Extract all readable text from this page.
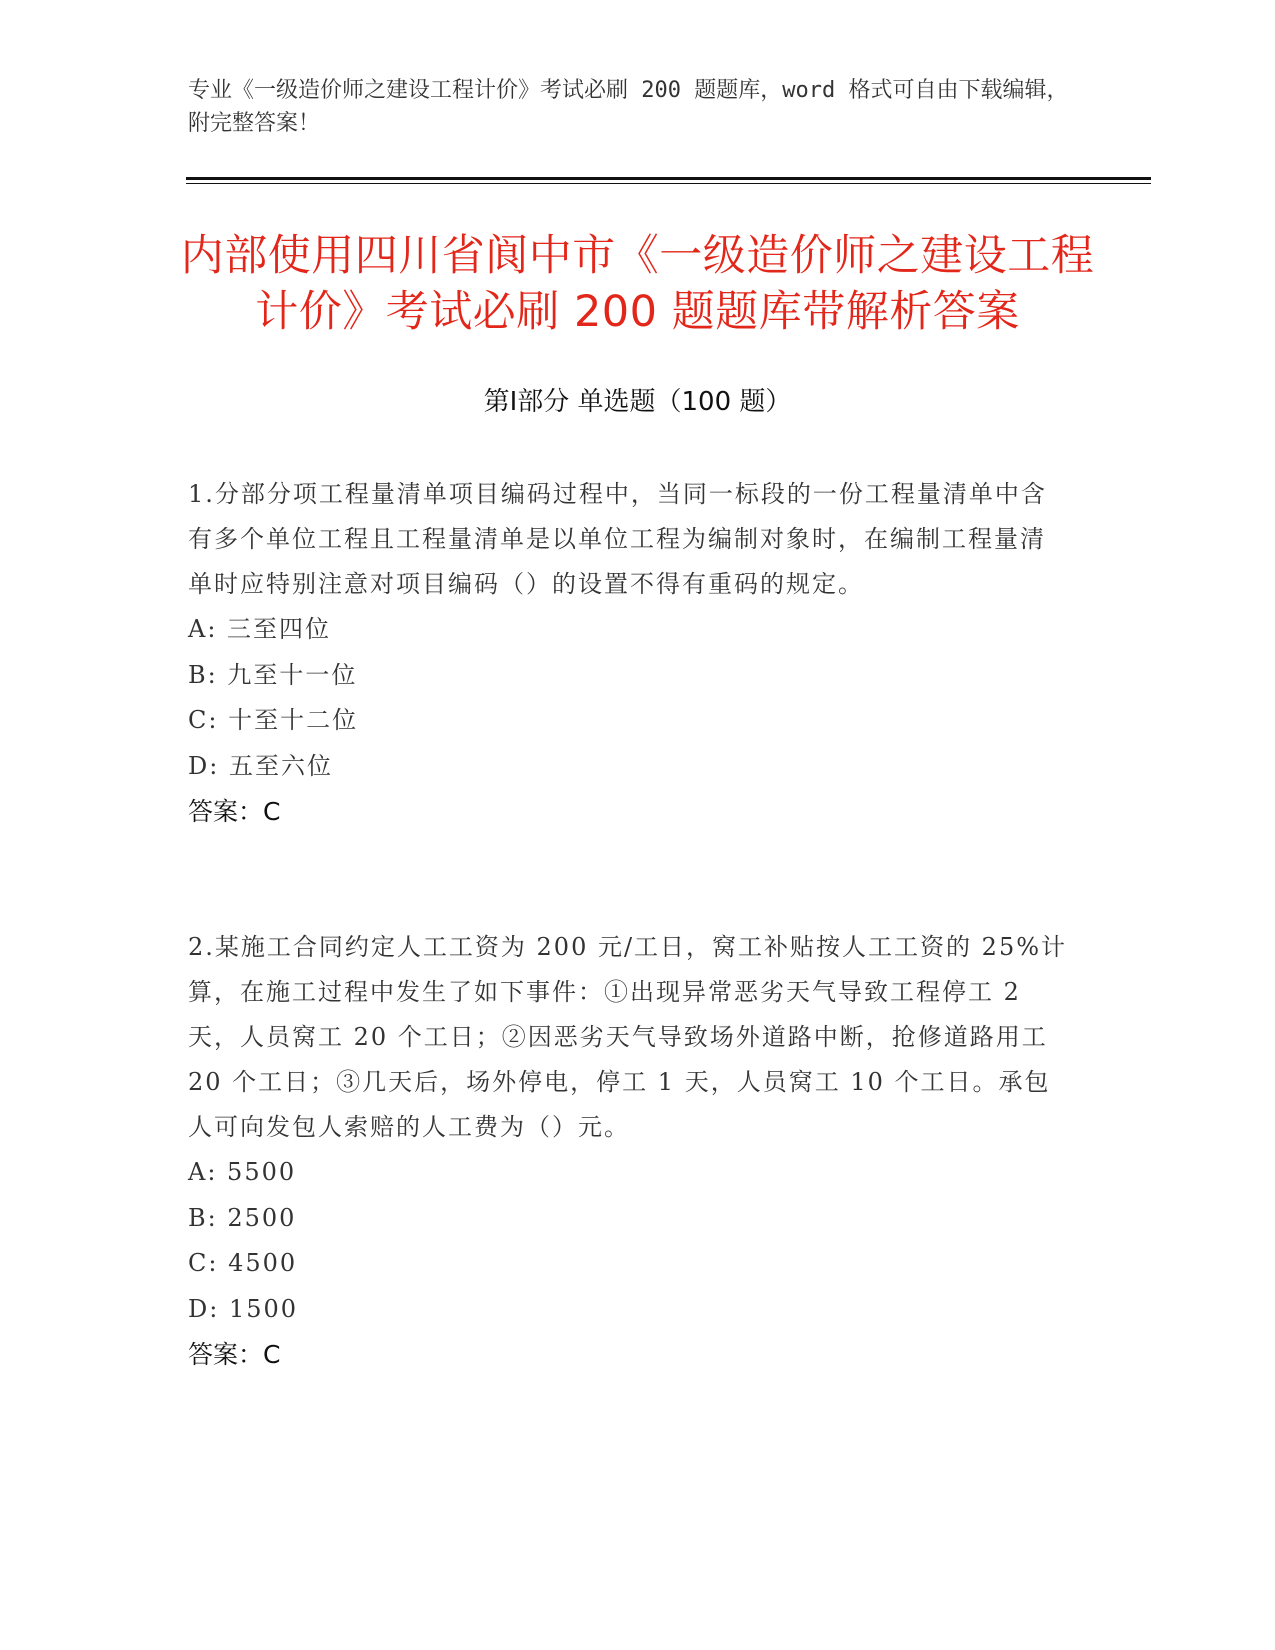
专业《一级造价师之建设工程计价》考试必刷 200 题题库，word 格式可自由下载编辑，附完整答案！
内部使用四川省阆中市《一级造价师之建设工程计价》考试必刷 200 题题库带解析答案
第Ⅰ部分 单选题（100 题）
1.分部分项工程量清单项目编码过程中，当同一标段的一份工程量清单中含有多个单位工程且工程量清单是以单位工程为编制对象时，在编制工程量清单时应特别注意对项目编码（）的设置不得有重码的规定。
A: 三至四位
B: 九至十一位
C: 十至十二位
D: 五至六位
答案：C
2.某施工合同约定人工工资为 200 元/工日，窝工补贴按人工工资的 25%计算，在施工过程中发生了如下事件：①出现异常恶劣天气导致工程停工 2 天，人员窝工 20 个工日；②因恶劣天气导致场外道路中断，抢修道路用工 20 个工日；③几天后，场外停电，停工 1 天，人员窝工 10 个工日。承包人可向发包人索赔的人工费为（）元。
A: 5500
B: 2500
C: 4500
D: 1500
答案：C
